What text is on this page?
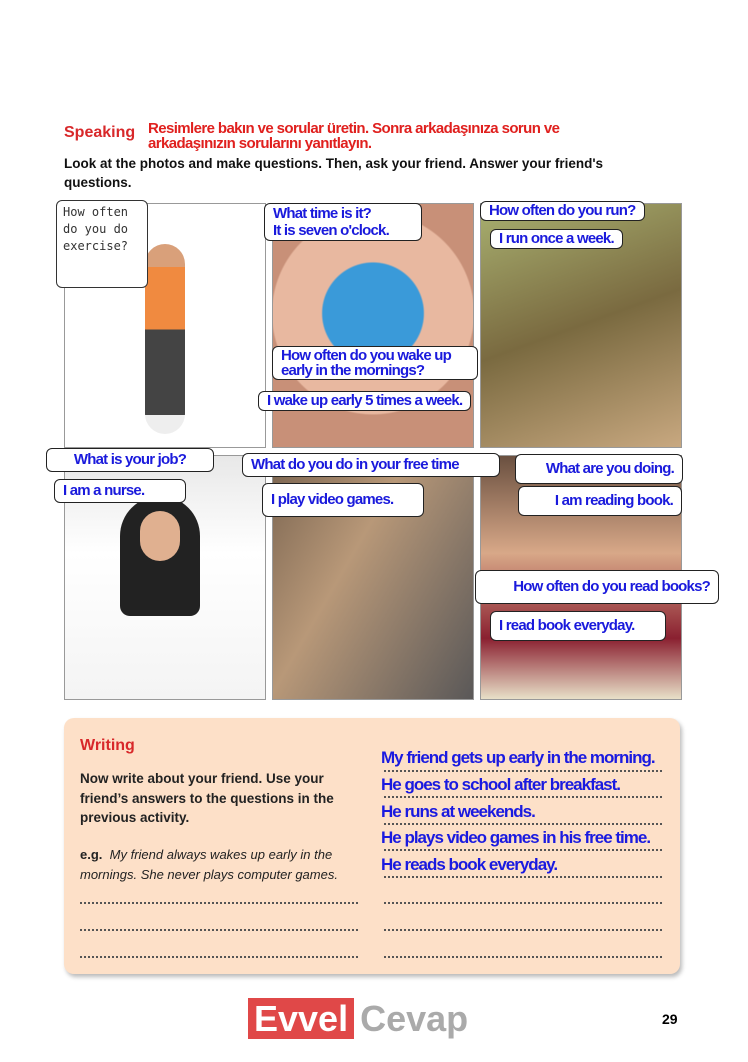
Speaking Resimlere bakın ve sorular üretin. Sonra arkadaşınıza sorun ve arkadaşınızın sorularını yanıtlayın.
Look at the photos and make questions. Then, ask your friend. Answer your friend's questions.
How often do you do exercise?
What time is it?
It is seven o'clock.
How often do you wake up early in the mornings?
I wake up early 5 times a week.
How often do you run?
I run once a week.
What is your job?
I am a nurse.
What do you do in your free time
I play video games.
What are you doing.
I am reading book.
How often do you read books?
I read book everyday.
Writing
Now write about your friend. Use your friend’s answers to the questions in the previous activity.
e.g. My friend always wakes up early in the mornings. She never plays computer games.
My friend gets up early in the morning.
He goes to school after breakfast.
He runs at weekends.
He plays video games in his free time.
He reads book everyday.
Evvel Cevap	29
